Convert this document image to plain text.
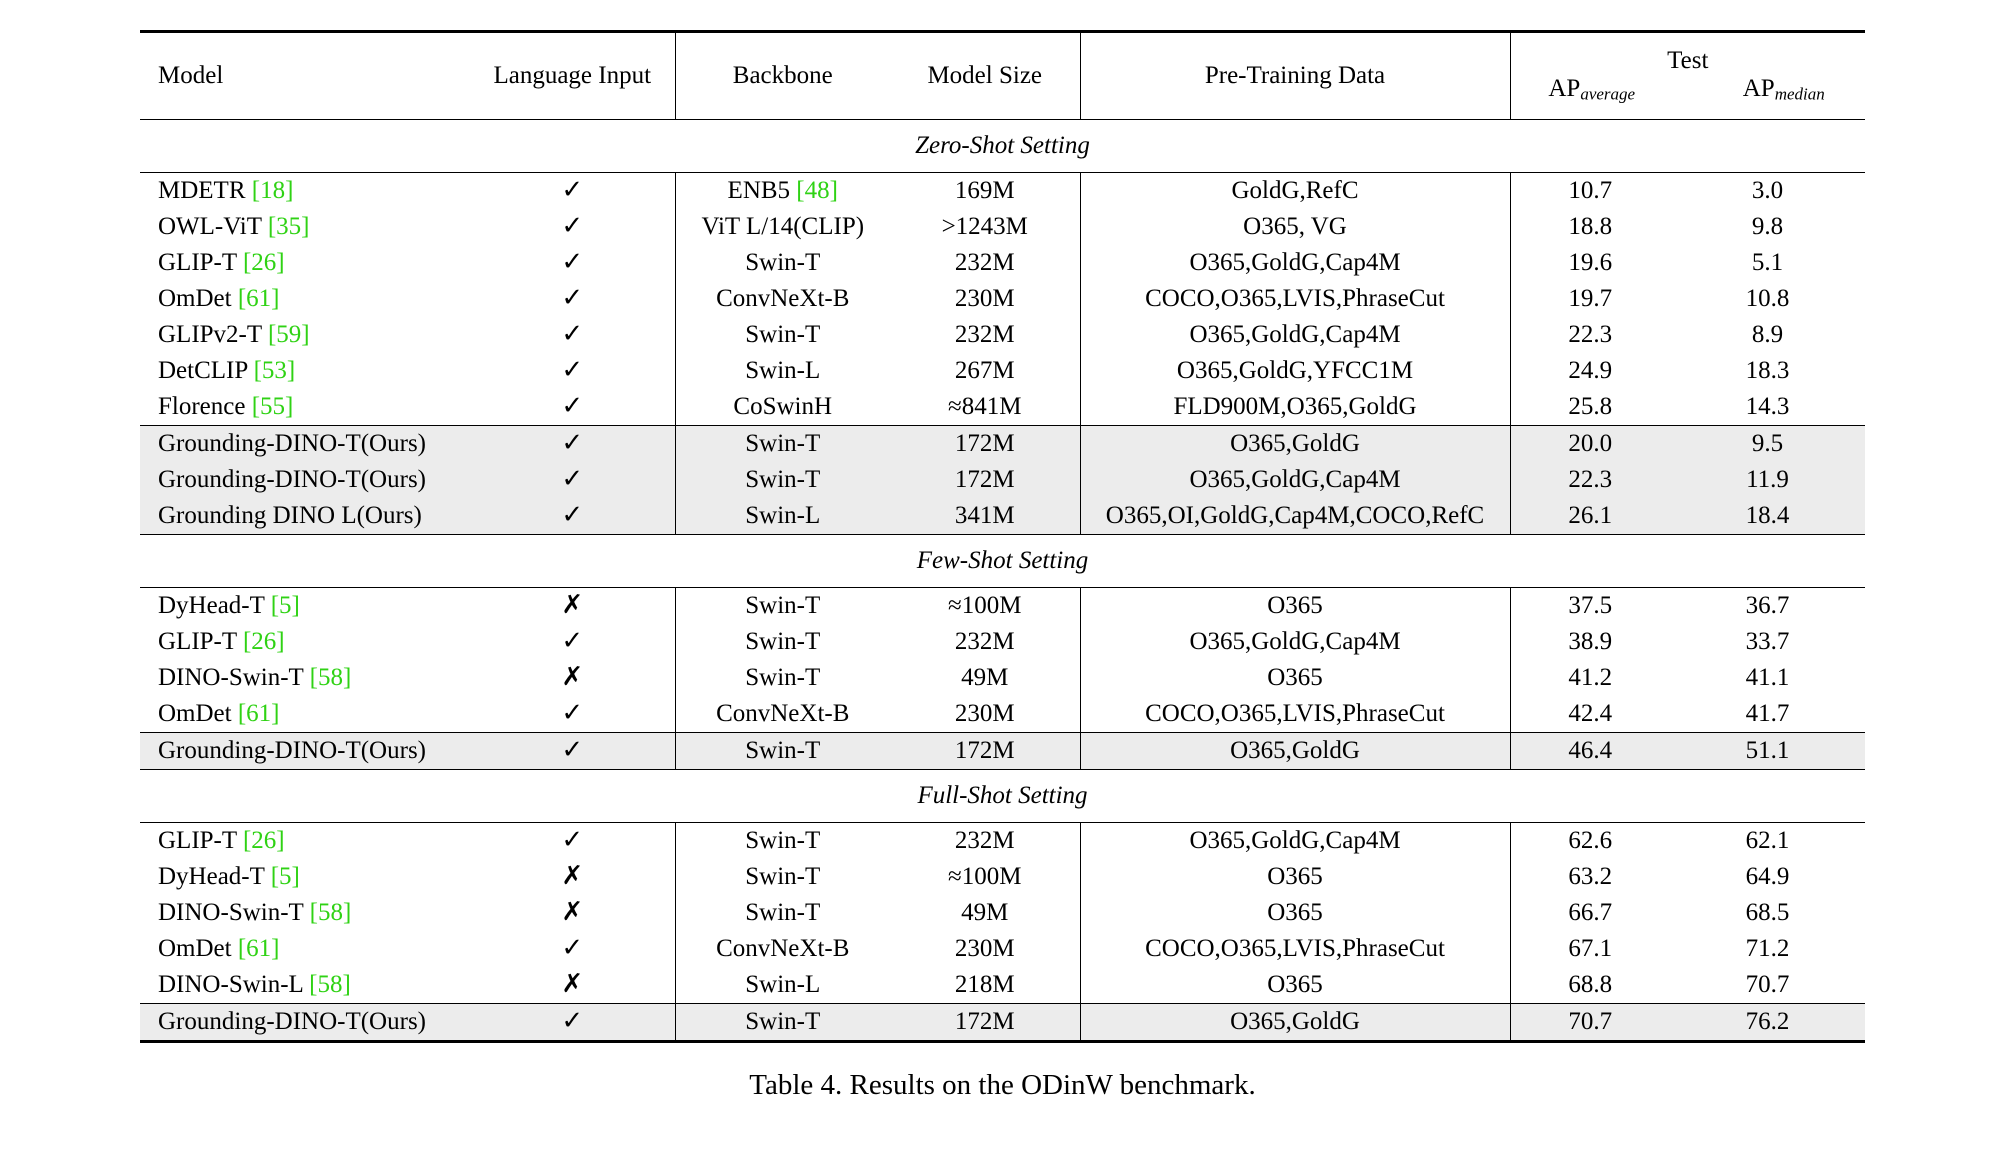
Model	Language Input	Backbone	Model Size	Pre-Training Data	Test
$AP_{average}$ $AP_{median}$

Zero-Shot Setting						

MDETR [18]	✓	ENB5 [48]	169M	GoldG,RefC	10.7	3.0
OWL-ViT [35]	✓	ViT L/14(CLIP)	>1243M	O365, VG	18.8	9.8
GLIP-T [26]	✓	Swin-T	232M	O365,GoldG,Cap4M	19.6	5.1
OmDet [61]	✓	ConvNeXt-B	230M	COCO,O365,LVIS,PhraseCut	19.7	10.8
GLIPv2-T [59]	✓	Swin-T	232M	O365,GoldG,Cap4M	22.3	8.9
DetCLIP [53]	✓	Swin-L	267M	O365,GoldG,YFCC1M	24.9	18.3
Florence [55]	✓	CoSwinH	≈841M	FLD900M,O365,GoldG	25.8	14.3

Grounding-DINO-T(Ours)	✓	Swin-T	172M	O365,GoldG	20.0	9.5
Grounding-DINO-T(Ours)	✓	Swin-T	172M	O365,GoldG,Cap4M	22.3	11.9
Grounding DINO L(Ours)	✓	Swin-L	341M	O365,OI,GoldG,Cap4M,COCO,RefC	26.1	18.4

Few-Shot Setting						

DyHead-T [5]	✗	Swin-T	≈100M	O365	37.5	36.7
GLIP-T [26]	✓	Swin-T	232M	O365,GoldG,Cap4M	38.9	33.7
DINO-Swin-T [58]	✗	Swin-T	49M	O365	41.2	41.1
OmDet [61]	✓	ConvNeXt-B	230M	COCO,O365,LVIS,PhraseCut	42.4	41.7

Grounding-DINO-T(Ours)	✓	Swin-T	172M	O365,GoldG	46.4	51.1

Full-Shot Setting						

GLIP-T [26]	✓	Swin-T	232M	O365,GoldG,Cap4M	62.6	62.1
DyHead-T [5]	✗	Swin-T	≈100M	O365	63.2	64.9
DINO-Swin-T [58]	✗	Swin-T	49M	O365	66.7	68.5
OmDet [61]	✓	ConvNeXt-B	230M	COCO,O365,LVIS,PhraseCut	67.1	71.2
DINO-Swin-L [58]	✗	Swin-L	218M	O365	68.8	70.7

Grounding-DINO-T(Ours)	✓	Swin-T	172M	O365,GoldG	70.7	76.2

Table 4. Results on the ODinW benchmark.
